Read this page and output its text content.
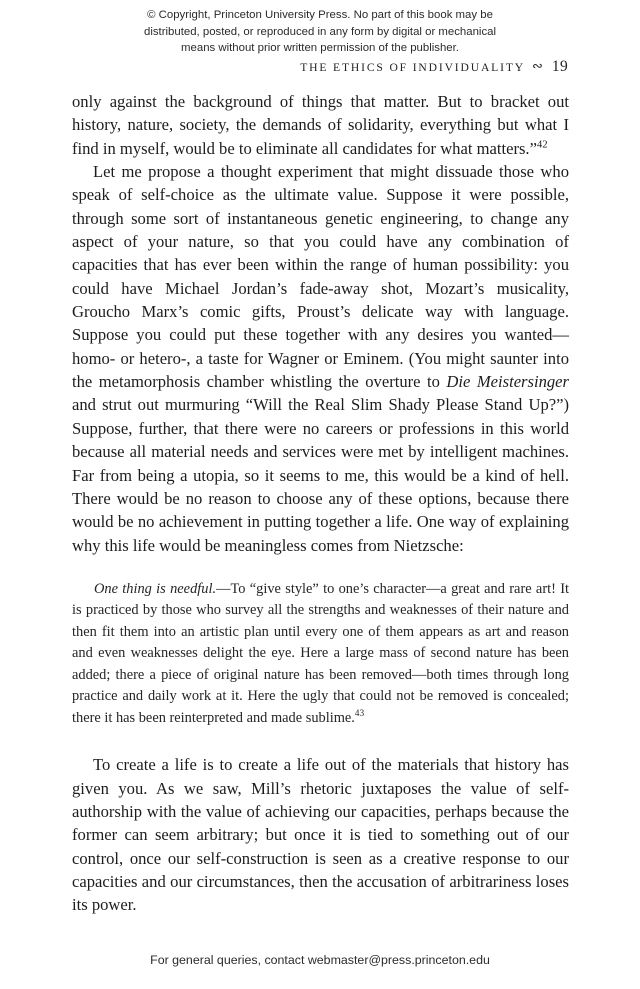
© Copyright, Princeton University Press. No part of this book may be
distributed, posted, or reproduced in any form by digital or mechanical
means without prior written permission of the publisher.
THE ETHICS OF INDIVIDUALITY ∾ 19

only against the background of things that matter. But to bracket out history, nature, society, the demands of solidarity, everything but what I find in myself, would be to eliminate all candidates for what matters.”$^{42}$

Let me propose a thought experiment that might dissuade those who speak of self-choice as the ultimate value. Suppose it were possible, through some sort of instantaneous genetic engineering, to change any aspect of your nature, so that you could have any combination of capacities that has ever been within the range of human possibility: you could have Michael Jordan’s fade-away shot, Mozart’s musicality, Groucho Marx’s comic gifts, Proust’s delicate way with language. Suppose you could put these together with any desires you wanted—homo- or hetero-, a taste for Wagner or Eminem. (You might saunter into the metamorphosis chamber whistling the overture to Die Meistersinger and strut out murmuring “Will the Real Slim Shady Please Stand Up?”) Suppose, further, that there were no careers or professions in this world because all material needs and services were met by intelligent machines. Far from being a utopia, so it seems to me, this would be a kind of hell. There would be no reason to choose any of these options, because there would be no achievement in putting together a life. One way of explaining why this life would be meaningless comes from Nietzsche:

One thing is needful.—To “give style” to one’s character—a great and rare art! It is practiced by those who survey all the strengths and weaknesses of their nature and then fit them into an artistic plan until every one of them appears as art and reason and even weaknesses delight the eye. Here a large mass of second nature has been added; there a piece of original nature has been removed—both times through long practice and daily work at it. Here the ugly that could not be removed is concealed; there it has been reinterpreted and made sublime.$^{43}$

To create a life is to create a life out of the materials that history has given you. As we saw, Mill’s rhetoric juxtaposes the value of self-authorship with the value of achieving our capacities, perhaps because the former can seem arbitrary; but once it is tied to something out of our control, once our self-construction is seen as a creative response to our capacities and our circumstances, then the accusation of arbitrariness loses its power.

For general queries, contact webmaster@press.princeton.edu
